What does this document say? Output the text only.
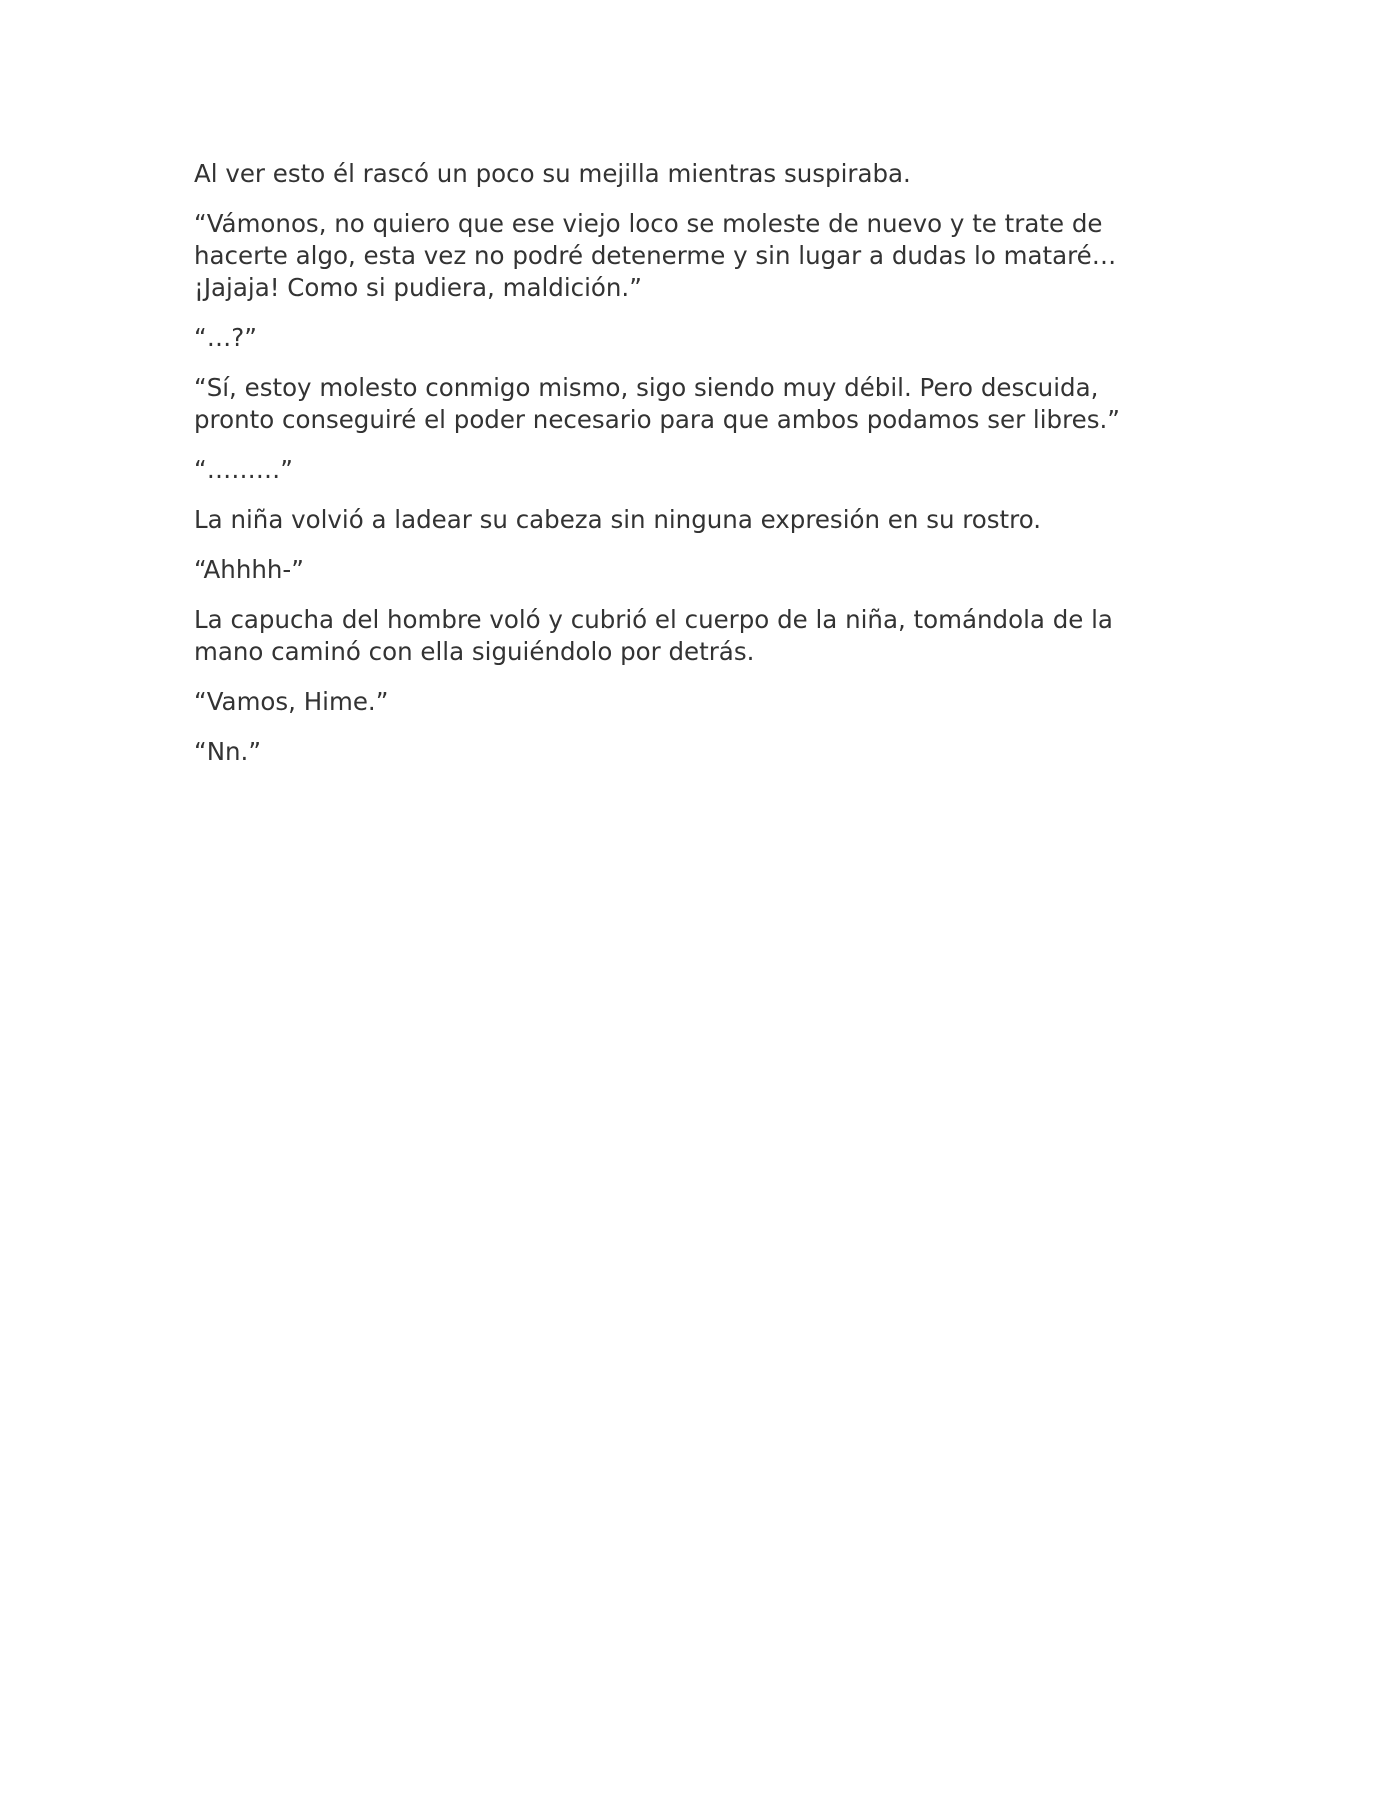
Al ver esto él rascó un poco su mejilla mientras suspiraba.

“Vámonos, no quiero que ese viejo loco se moleste de nuevo y te trate de
hacerte algo, esta vez no podré detenerme y sin lugar a dudas lo mataré…
¡Jajaja! Como si pudiera, maldición.”

“…?”

“Sí, estoy molesto conmigo mismo, sigo siendo muy débil. Pero descuida,
pronto conseguiré el poder necesario para que ambos podamos ser libres.”

“………”

La niña volvió a ladear su cabeza sin ninguna expresión en su rostro.

“Ahhhh-”

La capucha del hombre voló y cubrió el cuerpo de la niña, tomándola de la
mano caminó con ella siguiéndolo por detrás.

“Vamos, Hime.”

“Nn.”
